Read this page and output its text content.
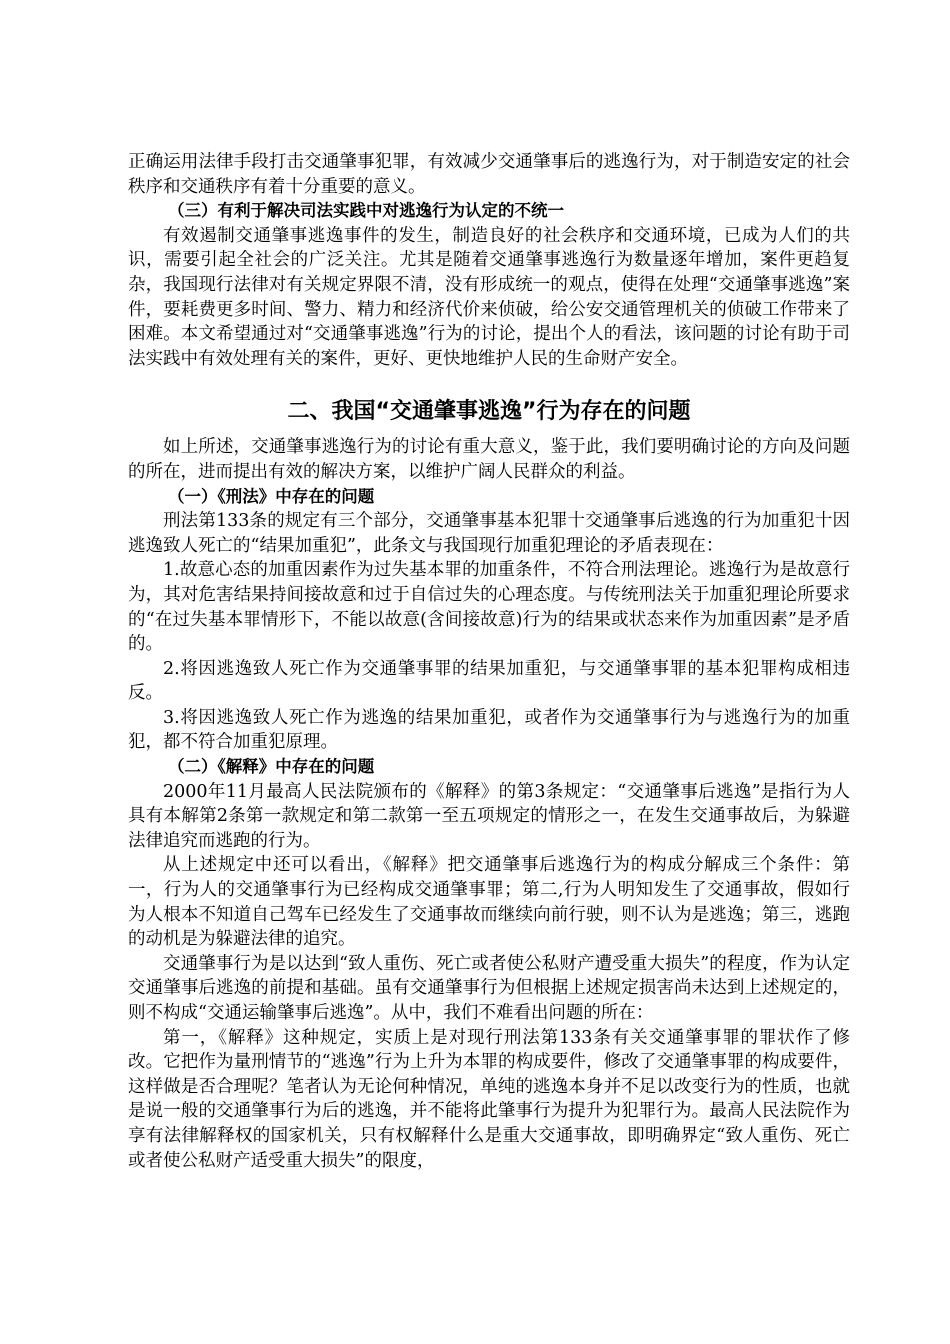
正确运用法律手段打击交通肇事犯罪，有效减少交通肇事后的逃逸行为，对于制造安定的社会秩序和交通秩序有着十分重要的意义。

（三）有利于解决司法实践中对逃逸行为认定的不统一

有效遏制交通肇事逃逸事件的发生，制造良好的社会秩序和交通环境，已成为人们的共识，需要引起全社会的广泛关注。尤其是随着交通肇事逃逸行为数量逐年增加，案件更趋复杂，我国现行法律对有关规定界限不清，没有形成统一的观点，使得在处理“交通肇事逃逸”案件，要耗费更多时间、警力、精力和经济代价来侦破，给公安交通管理机关的侦破工作带来了困难。本文希望通过对“交通肇事逃逸”行为的讨论，提出个人的看法，该问题的讨论有助于司法实践中有效处理有关的案件，更好、更快地维护人民的生命财产安全。

二、我国“交通肇事逃逸”行为存在的问题

如上所述，交通肇事逃逸行为的讨论有重大意义，鉴于此，我们要明确讨论的方向及问题的所在，进而提出有效的解决方案，以维护广阔人民群众的利益。

（一）《刑法》中存在的问题

刑法第133条的规定有三个部分，交通肇事基本犯罪十交通肇事后逃逸的行为加重犯十因逃逸致人死亡的“结果加重犯”，此条文与我国现行加重犯理论的矛盾表现在：

1.故意心态的加重因素作为过失基本罪的加重条件，不符合刑法理论。逃逸行为是故意行为，其对危害结果持间接故意和过于自信过失的心理态度。与传统刑法关于加重犯理论所要求的“在过失基本罪情形下，不能以故意(含间接故意)行为的结果或状态来作为加重因素”是矛盾的。

2.将因逃逸致人死亡作为交通肇事罪的结果加重犯，与交通肇事罪的基本犯罪构成相违反。

3.将因逃逸致人死亡作为逃逸的结果加重犯，或者作为交通肇事行为与逃逸行为的加重犯，都不符合加重犯原理。

（二）《解释》中存在的问题

2000年11月最高人民法院颁布的《解释》的第3条规定：“交通肇事后逃逸”是指行为人具有本解第2条第一款规定和第二款第一至五项规定的情形之一，在发生交通事故后，为躲避法律追究而逃跑的行为。

从上述规定中还可以看出，《解释》把交通肇事后逃逸行为的构成分解成三个条件：第一，行为人的交通肇事行为已经构成交通肇事罪；第二,行为人明知发生了交通事故，假如行为人根本不知道自己驾车已经发生了交通事故而继续向前行驶，则不认为是逃逸；第三，逃跑的动机是为躲避法律的追究。

交通肇事行为是以达到“致人重伤、死亡或者使公私财产遭受重大损失”的程度，作为认定交通肇事后逃逸的前提和基础。虽有交通肇事行为但根据上述规定损害尚未达到上述规定的，则不构成“交通运输肇事后逃逸”。从中，我们不难看出问题的所在：

第一，《解释》这种规定，实质上是对现行刑法第133条有关交通肇事罪的罪状作了修改。它把作为量刑情节的“逃逸”行为上升为本罪的构成要件，修改了交通肇事罪的构成要件，这样做是否合理呢？笔者认为无论何种情况，单纯的逃逸本身并不足以改变行为的性质，也就是说一般的交通肇事行为后的逃逸，并不能将此肇事行为提升为犯罪行为。最高人民法院作为享有法律解释权的国家机关，只有权解释什么是重大交通事故，即明确界定“致人重伤、死亡或者使公私财产适受重大损失”的限度，
